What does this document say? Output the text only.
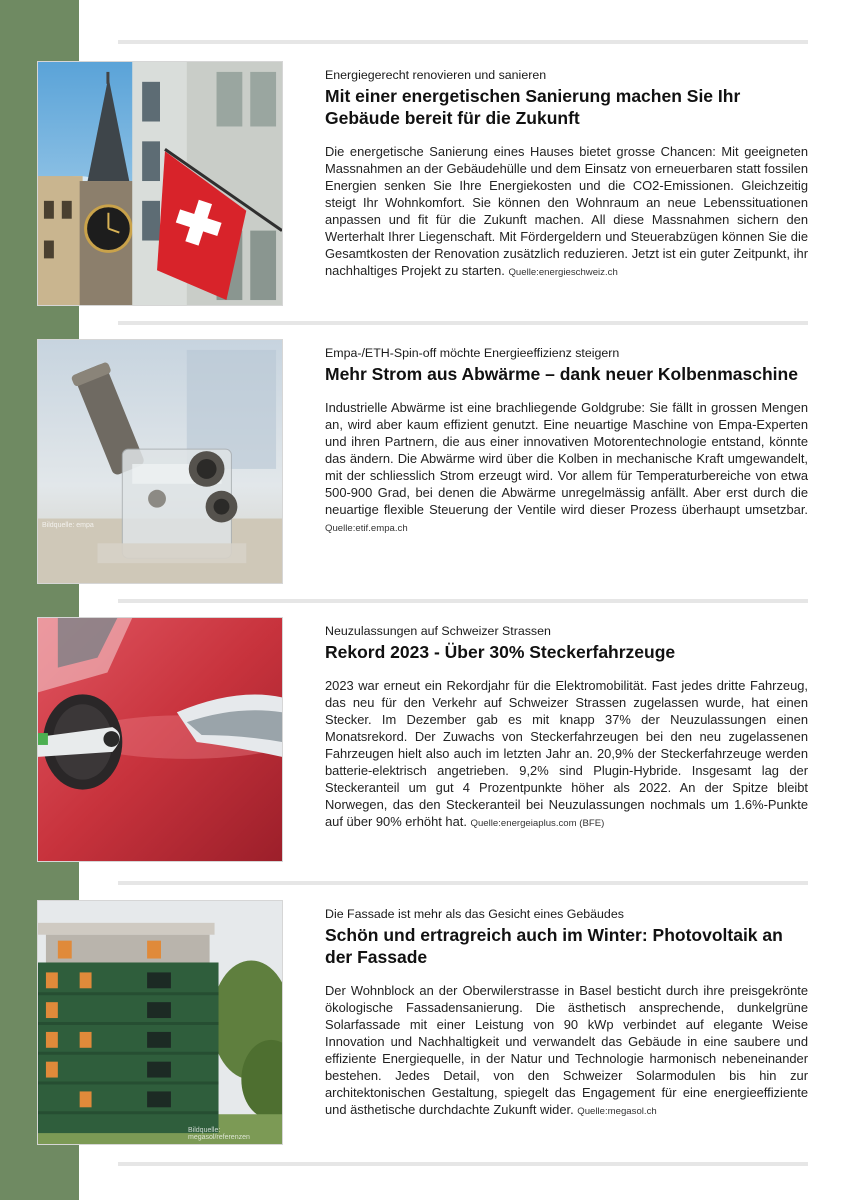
Energiegerecht renovieren und sanieren

Mit einer energetischen Sanierung machen Sie Ihr Gebäude bereit für die Zukunft

Die energetische Sanierung eines Hauses bietet grosse Chancen: Mit geeigneten Massnahmen an der Gebäudehülle und dem Einsatz von erneuerbaren statt fossilen Energien senken Sie Ihre Energiekosten und die CO2-Emissionen. Gleichzeitig steigt Ihr Wohnkomfort. Sie können den Wohnraum an neue Lebenssituationen anpassen und fit für die Zukunft machen. All diese Massnahmen sichern den Werterhalt Ihrer Liegenschaft. Mit Fördergeldern und Steuerabzügen können Sie die Gesamtkosten der Renovation zusätzlich reduzieren. Jetzt ist ein guter Zeitpunkt, ihr nachhaltiges Projekt zu starten. Quelle:energieschweiz.ch

Bildquelle: empa

Empa-/ETH-Spin-off möchte Energieeffizienz steigern

Mehr Strom aus Abwärme – dank neuer Kolbenmaschine

Industrielle Abwärme ist eine brachliegende Goldgrube: Sie fällt in grossen Mengen an, wird aber kaum effizient genutzt. Eine neuartige Maschine von Empa-Experten und ihren Partnern, die aus einer innovativen Motorentechnologie entstand, könnte das ändern. Die Abwärme wird über die Kolben in mechanische Kraft umgewandelt, mit der schliesslich Strom erzeugt wird. Vor allem für Temperaturbereiche von etwa 500-900 Grad, bei denen die Abwärme unregelmässig anfällt. Aber erst durch die neuartige flexible Steuerung der Ventile wird dieser Prozess überhaupt umsetzbar. Quelle:etif.empa.ch

Neuzulassungen auf Schweizer Strassen

Rekord 2023 - Über 30% Steckerfahrzeuge

2023 war erneut ein Rekordjahr für die Elektromobilität. Fast jedes dritte Fahrzeug, das neu für den Verkehr auf Schweizer Strassen zugelassen wurde, hat einen Stecker. Im Dezember gab es mit knapp 37% der Neuzulassungen einen Monatsrekord. Der Zuwachs von Steckerfahrzeugen bei den neu zugelassenen Fahrzeugen hielt also auch im letzten Jahr an. 20,9% der Steckerfahrzeuge werden batterie-elektrisch angetrieben. 9,2% sind Plugin-Hybride. Insgesamt lag der Steckeranteil um gut 4 Prozentpunkte höher als 2022. An der Spitze bleibt Norwegen, das den Steckeranteil bei Neuzulassungen nochmals um 1.6%-Punkte auf über 90% erhöht hat. Quelle:energeiaplus.com (BFE)

Bildquelle: megasol/referenzen

Die Fassade ist mehr als das Gesicht eines Gebäudes

Schön und ertragreich auch im Winter: Photovoltaik an der Fassade

Der Wohnblock an der Oberwilerstrasse in Basel besticht durch ihre preisgekrönte ökologische Fassadensanierung. Die ästhetisch ansprechende, dunkelgrüne Solarfassade mit einer Leistung von 90 kWp verbindet auf elegante Weise Innovation und Nachhaltigkeit und verwandelt das Gebäude in eine saubere und effiziente Energiequelle, in der Natur und Technologie harmonisch nebeneinander bestehen. Jedes Detail, von den Schweizer Solarmodulen bis hin zur architektonischen Gestaltung, spiegelt das Engagement für eine energieeffiziente und ästhetische durchdachte Zukunft wider. Quelle:megasol.ch
